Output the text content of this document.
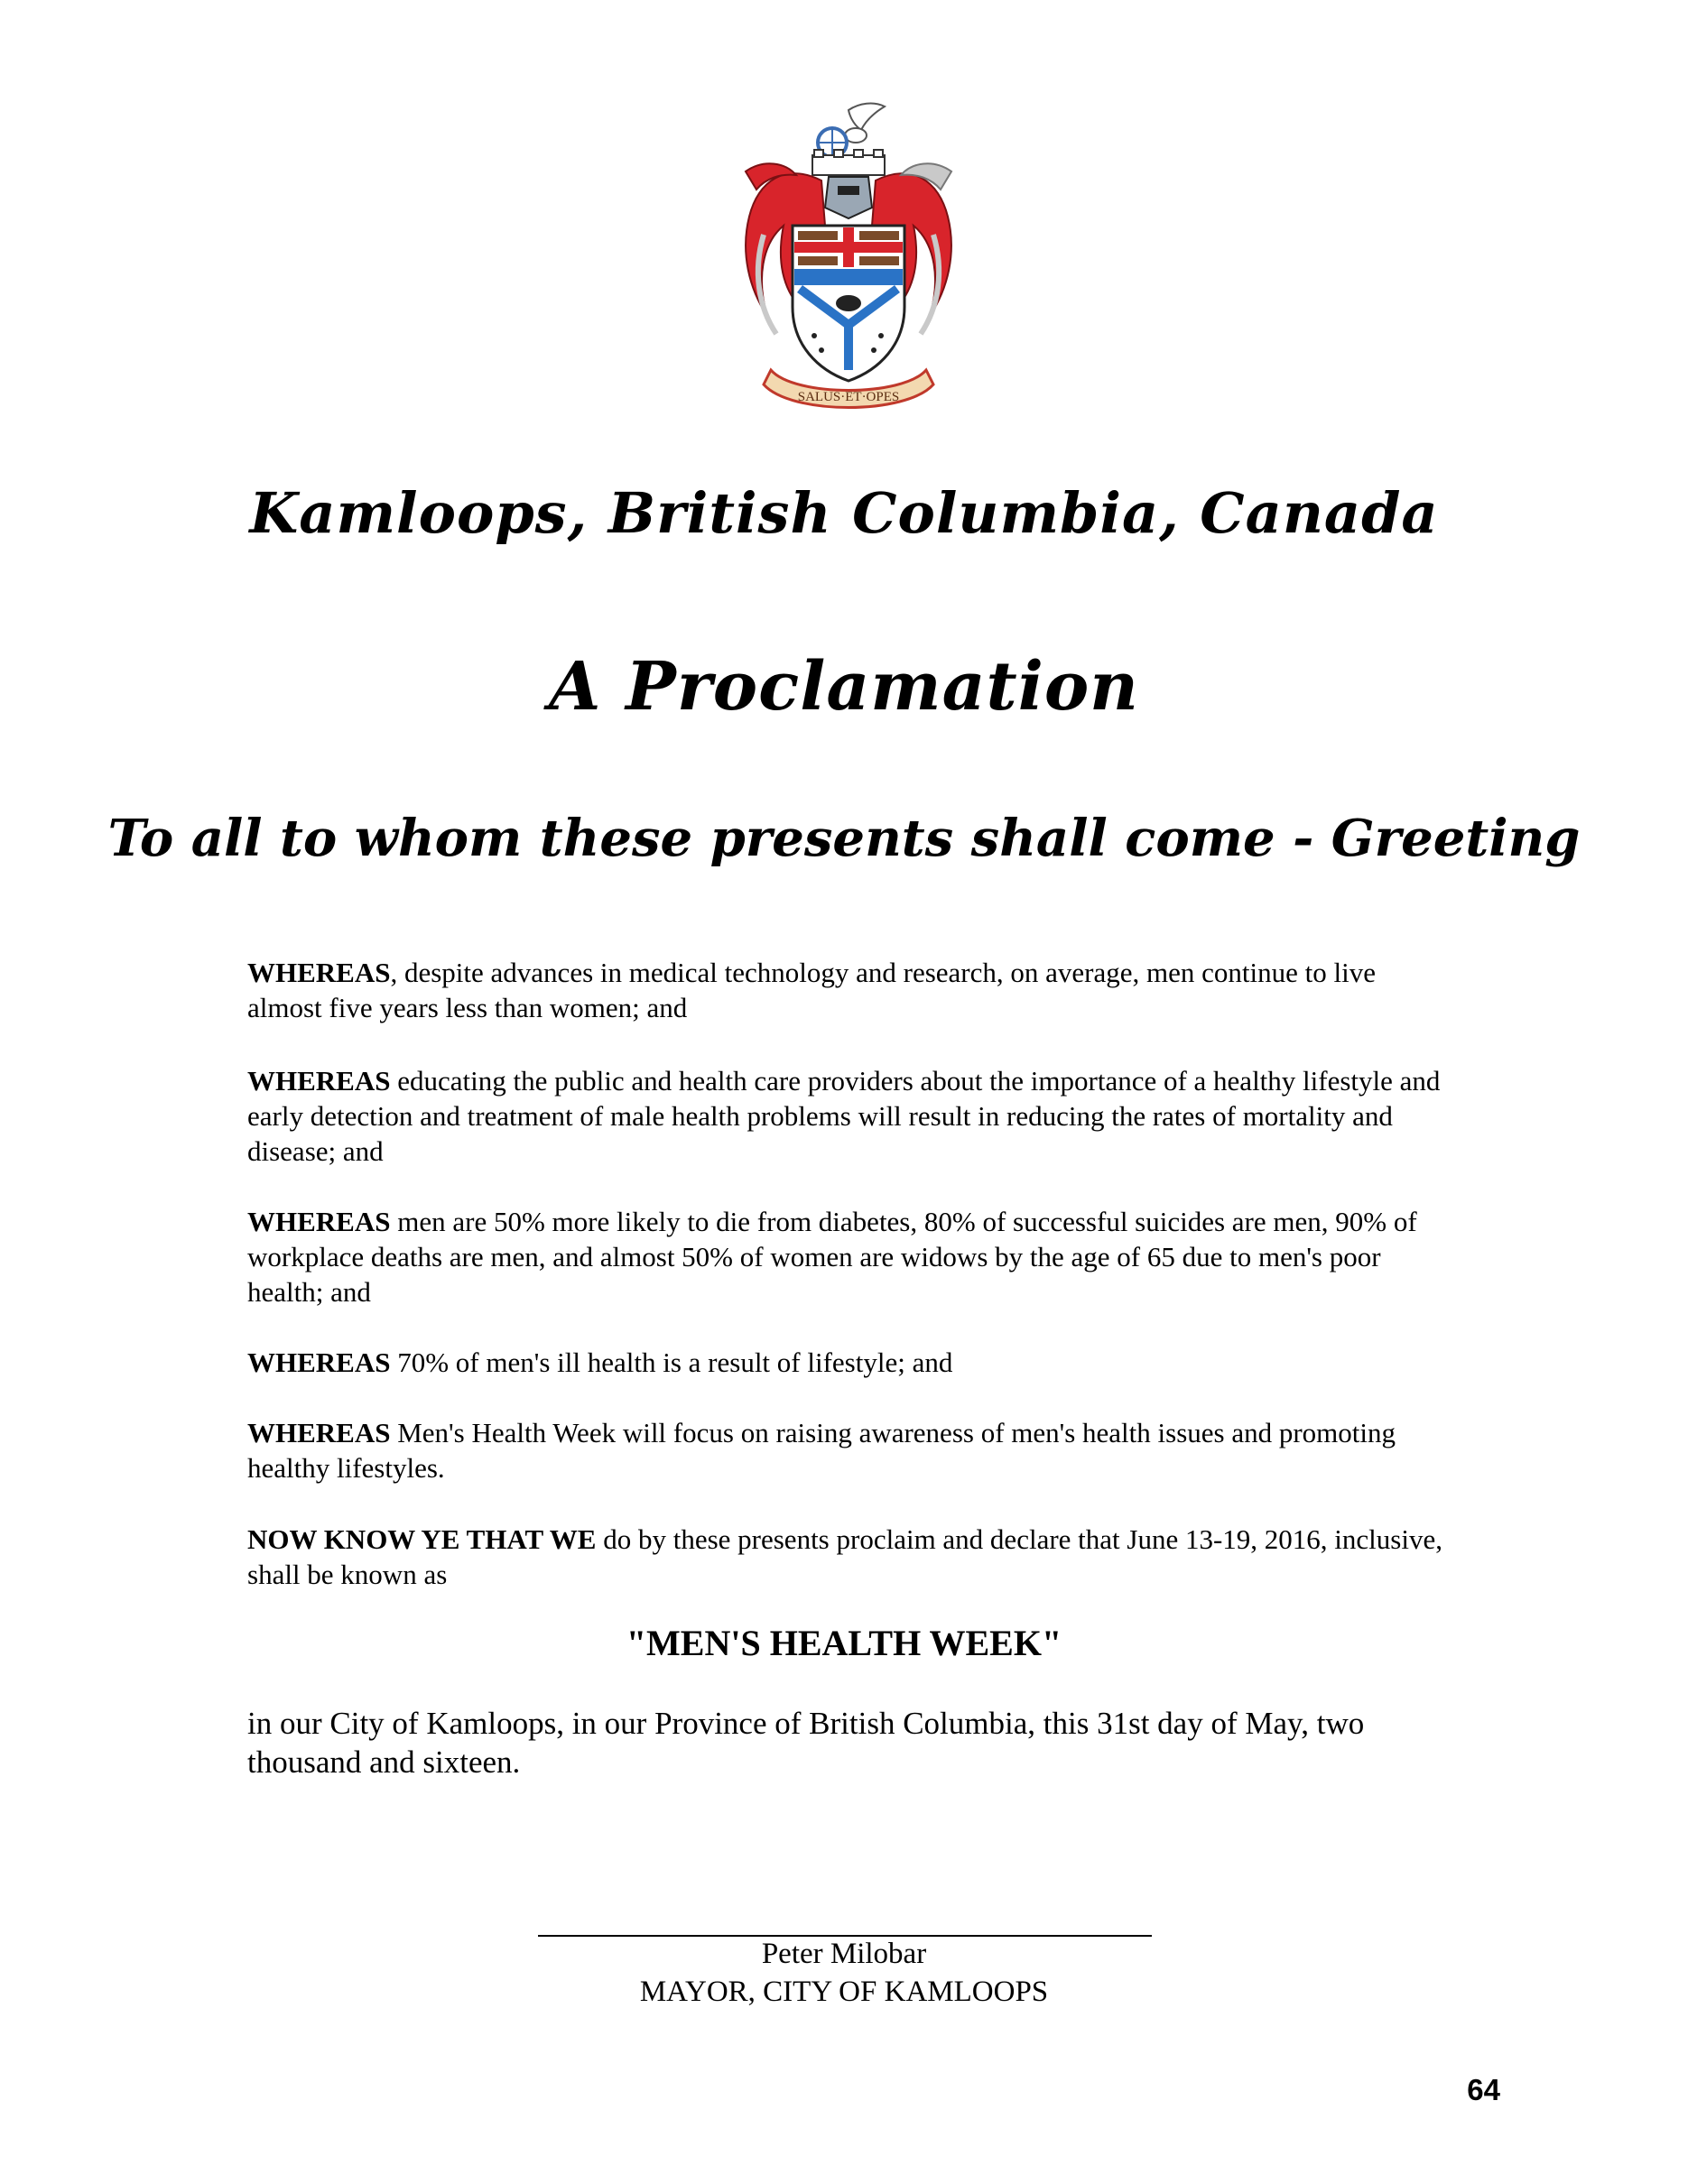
SALUS·ET·OPES
Kamloops, British Columbia, Canada
A Proclamation
To all to whom these presents shall come - Greeting
WHEREAS, despite advances in medical technology and research, on average, men continue to live almost five years less than women; and
WHEREAS educating the public and health care providers about the importance of a healthy lifestyle and early detection and treatment of male health problems will result in reducing the rates of mortality and disease; and
WHEREAS men are 50% more likely to die from diabetes, 80% of successful suicides are men, 90% of workplace deaths are men, and almost 50% of women are widows by the age of 65 due to men's poor health; and
WHEREAS 70% of men's ill health is a result of lifestyle; and
WHEREAS Men's Health Week will focus on raising awareness of men's health issues and promoting healthy lifestyles.
NOW KNOW YE THAT WE do by these presents proclaim and declare that June 13-19, 2016, inclusive, shall be known as
"MEN'S HEALTH WEEK"
in our City of Kamloops, in our Province of British Columbia, this 31st day of May, two thousand and sixteen.
Peter Milobar
MAYOR, CITY OF KAMLOOPS
64
